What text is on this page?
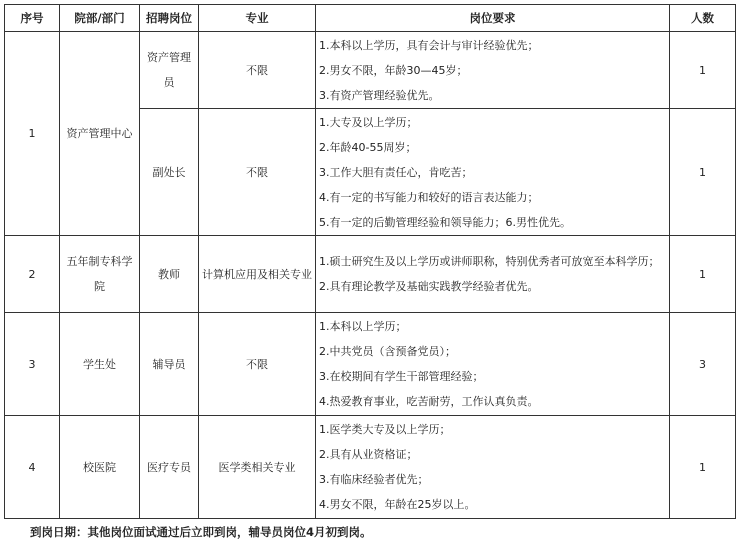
序号	院部/部门	招聘岗位	专业	岗位要求	人数
1	资产管理中心	资产管理员	不限	1.本科以上学历，具有会计与审计经验优先；
2.男女不限，年龄30—45岁；
3.有资产管理经验优先。	1
		副处长	不限	1.大专及以上学历；
2.年龄40-55周岁；
3.工作大胆有责任心，肯吃苦；
4.有一定的书写能力和较好的语言表达能力；
5.有一定的后勤管理经验和领导能力；6.男性优先。	1
2	五年制专科学院	教师	计算机应用及相关专业	1.硕士研究生及以上学历或讲师职称，特别优秀者可放宽至本科学历；
2.具有理论教学及基础实践教学经验者优先。	1
3	学生处	辅导员	不限	1.本科以上学历；
2.中共党员（含预备党员）；
3.在校期间有学生干部管理经验；
4.热爱教育事业，吃苦耐劳，工作认真负责。	3
4	校医院	医疗专员	医学类相关专业	1.医学类大专及以上学历；
2.具有从业资格证；
3.有临床经验者优先；
4.男女不限，年龄在25岁以上。	1
到岗日期：其他岗位面试通过后立即到岗，辅导员岗位4月初到岗。
